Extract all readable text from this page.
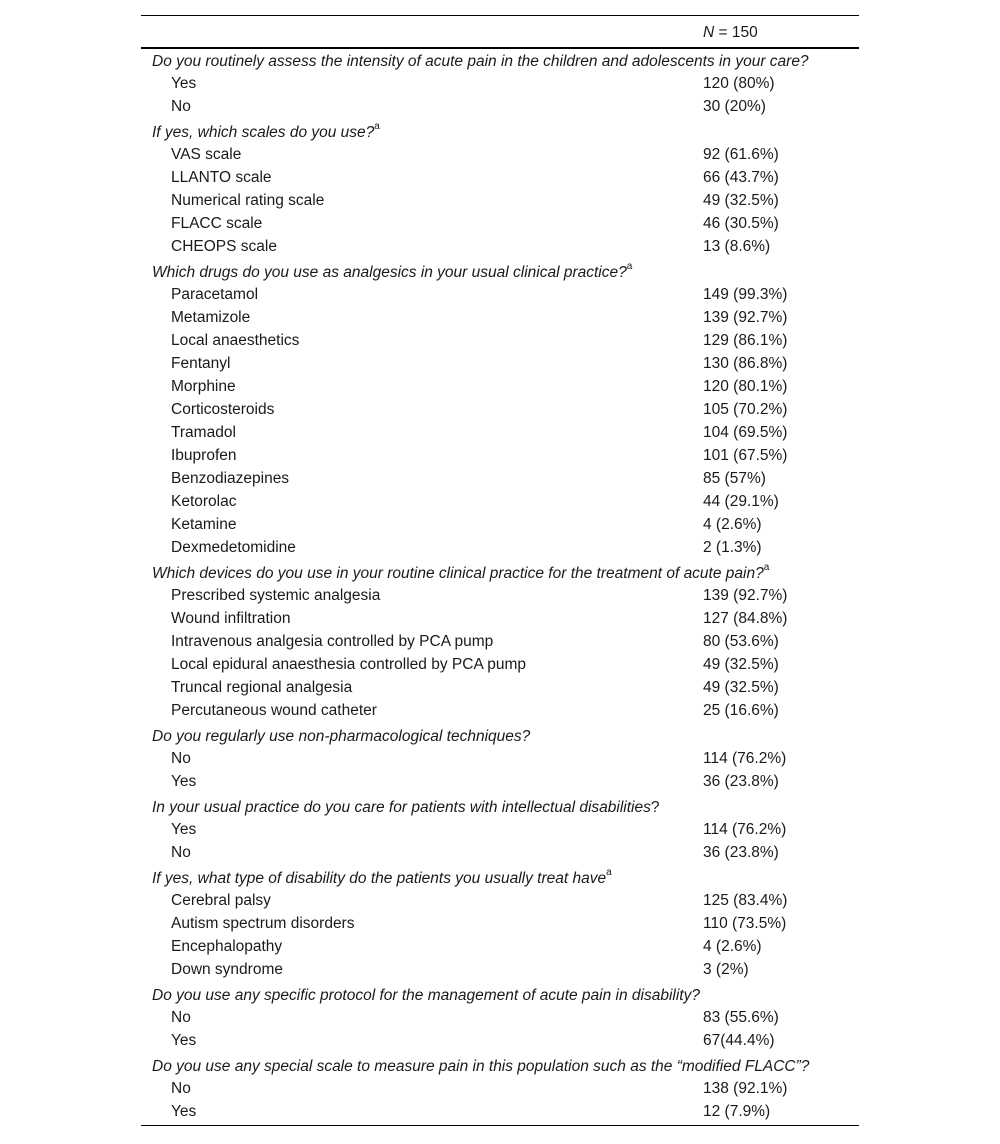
N = 150
Do you routinely assess the intensity of acute pain in the children and adolescents in your care?
Yes	120 (80%)
No	30 (20%)
If yes, which scales do you use?$^a$
VAS scale	92 (61.6%)
LLANTO scale	66 (43.7%)
Numerical rating scale	49 (32.5%)
FLACC scale	46 (30.5%)
CHEOPS scale	13 (8.6%)
Which drugs do you use as analgesics in your usual clinical practice?$^a$
Paracetamol	149 (99.3%)
Metamizole	139 (92.7%)
Local anaesthetics	129 (86.1%)
Fentanyl	130 (86.8%)
Morphine	120 (80.1%)
Corticosteroids	105 (70.2%)
Tramadol	104 (69.5%)
Ibuprofen	101 (67.5%)
Benzodiazepines	85 (57%)
Ketorolac	44 (29.1%)
Ketamine	4 (2.6%)
Dexmedetomidine	2 (1.3%)
Which devices do you use in your routine clinical practice for the treatment of acute pain?$^a$
Prescribed systemic analgesia	139 (92.7%)
Wound infiltration	127 (84.8%)
Intravenous analgesia controlled by PCA pump	80 (53.6%)
Local epidural anaesthesia controlled by PCA pump	49 (32.5%)
Truncal regional analgesia	49 (32.5%)
Percutaneous wound catheter	25 (16.6%)
Do you regularly use non-pharmacological techniques?
No	114 (76.2%)
Yes	36 (23.8%)
In your usual practice do you care for patients with intellectual disabilities?
Yes	114 (76.2%)
No	36 (23.8%)
If yes, what type of disability do the patients you usually treat have$^a$
Cerebral palsy	125 (83.4%)
Autism spectrum disorders	110 (73.5%)
Encephalopathy	4 (2.6%)
Down syndrome	3 (2%)
Do you use any specific protocol for the management of acute pain in disability?
No	83 (55.6%)
Yes	67(44.4%)
Do you use any special scale to measure pain in this population such as the “modified FLACC”?
No	138 (92.1%)
Yes	12 (7.9%)
